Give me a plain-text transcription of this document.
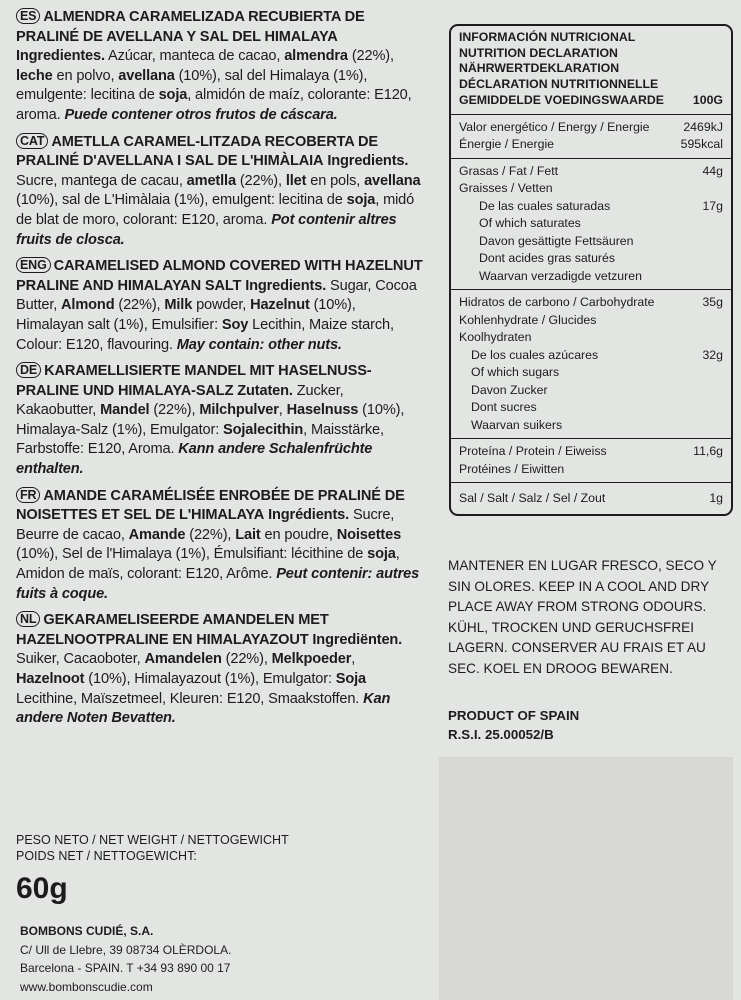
ES ALMENDRA CARAMELIZADA RECUBIERTA DE PRALINÉ DE AVELLANA Y SAL DEL HIMALAYA Ingredientes. Azúcar, manteca de cacao, almendra (22%), leche en polvo, avellana (10%), sal del Himalaya (1%), emulgente: lecitina de soja, almidón de maíz, colorante: E120, aroma. Puede contener otros frutos de cáscara.
CAT AMETLLA CARAMEL-LITZADA RECOBERTA DE PRALINÉ D'AVELLANA I SAL DE L'HIMÀLAIA Ingredients. Sucre, mantega de cacau, ametlla (22%), llet en pols, avellana (10%), sal de L'Himàlaia (1%), emulgent: lecitina de soja, midó de blat de moro, colorant: E120, aroma. Pot contenir altres fruits de closca.
ENG CARAMELISED ALMOND COVERED WITH HAZELNUT PRALINE AND HIMALAYAN SALT Ingredients. Sugar, Cocoa Butter, Almond (22%), Milk powder, Hazelnut (10%), Himalayan salt (1%), Emulsifier: Soy Lecithin, Maize starch, Colour: E120, flavouring. May contain: other nuts.
DE KARAMELLISIERTE MANDEL MIT HASELNUSS-PRALINE UND HIMALAYA-SALZ Zutaten. Zucker, Kakaobutter, Mandel (22%), Milchpulver, Haselnuss (10%), Himalaya-Salz (1%), Emulgator: Sojalecithin, Maisstärke, Farbstoffe: E120, Aroma. Kann andere Schalenfrüchte enthalten.
FR AMANDE CARAMÉLISÉE ENROBÉE DE PRALINÉ DE NOISETTES ET SEL DE L'HIMALAYA Ingrédients. Sucre, Beurre de cacao, Amande (22%), Lait en poudre, Noisettes (10%), Sel de l'Himalaya (1%), Émulsifiant: lécithine de soja, Amidon de maïs, colorant: E120, Arôme. Peut contenir: autres fuits à coque.
NL GEKARAMELISEERDE AMANDELEN MET HAZELNOOTPRALINE EN HIMALAYAZOUT Ingrediënten. Suiker, Cacaoboter, Amandelen (22%), Melkpoeder, Hazelnoot (10%), Himalayazout (1%), Emulgator: Soja Lecithine, Maïszetmeel, Kleuren: E120, Smaakstoffen. Kan andere Noten Bevatten.
PESO NETO / NET WEIGHT / NETTOGEWICHT
POIDS NET / NETTOGEWICHT:
60g
BOMBONS CUDIÉ, S.A.
C/ Ull de Llebre, 39 08734 OLÈRDOLA.
Barcelona - SPAIN. T +34 93 890 00 17
www.bombonscudie.com
INFORMACIÓN NUTRICIONAL
NUTRITION DECLARATION
NÄHRWERTDEKLARATION
DÉCLARATION NUTRITIONNELLE
GEMIDDELDE VOEDINGSWAARDE 100G
Valor energético / Energy / Energie	2469kJ
Énergie / Energie	595kcal
Grasas / Fat / Fett	44g
Graisses / Vetten
De las cuales saturadas	17g
Of which saturates
Davon gesättigte Fettsäuren
Dont acides gras saturés
Waarvan verzadigde vetzuren
Hidratos de carbono / Carbohydrate	35g
Kohlenhydrate / Glucides
Koolhydraten
De los cuales azúcares	32g
Of which sugars
Davon Zucker
Dont sucres
Waarvan suikers
Proteína / Protein / Eiweiss	11,6g
Protéines / Eiwitten
Sal / Salt / Salz / Sel / Zout	1g
MANTENER EN LUGAR FRESCO, SECO Y SIN OLORES. KEEP IN A COOL AND DRY PLACE AWAY FROM STRONG ODOURS. KÜHL, TROCKEN UND GERUCHSFREI LAGERN. CONSERVER AU FRAIS ET AU SEC. KOEL EN DROOG BEWAREN.
PRODUCT OF SPAIN
R.S.I. 25.00052/B
